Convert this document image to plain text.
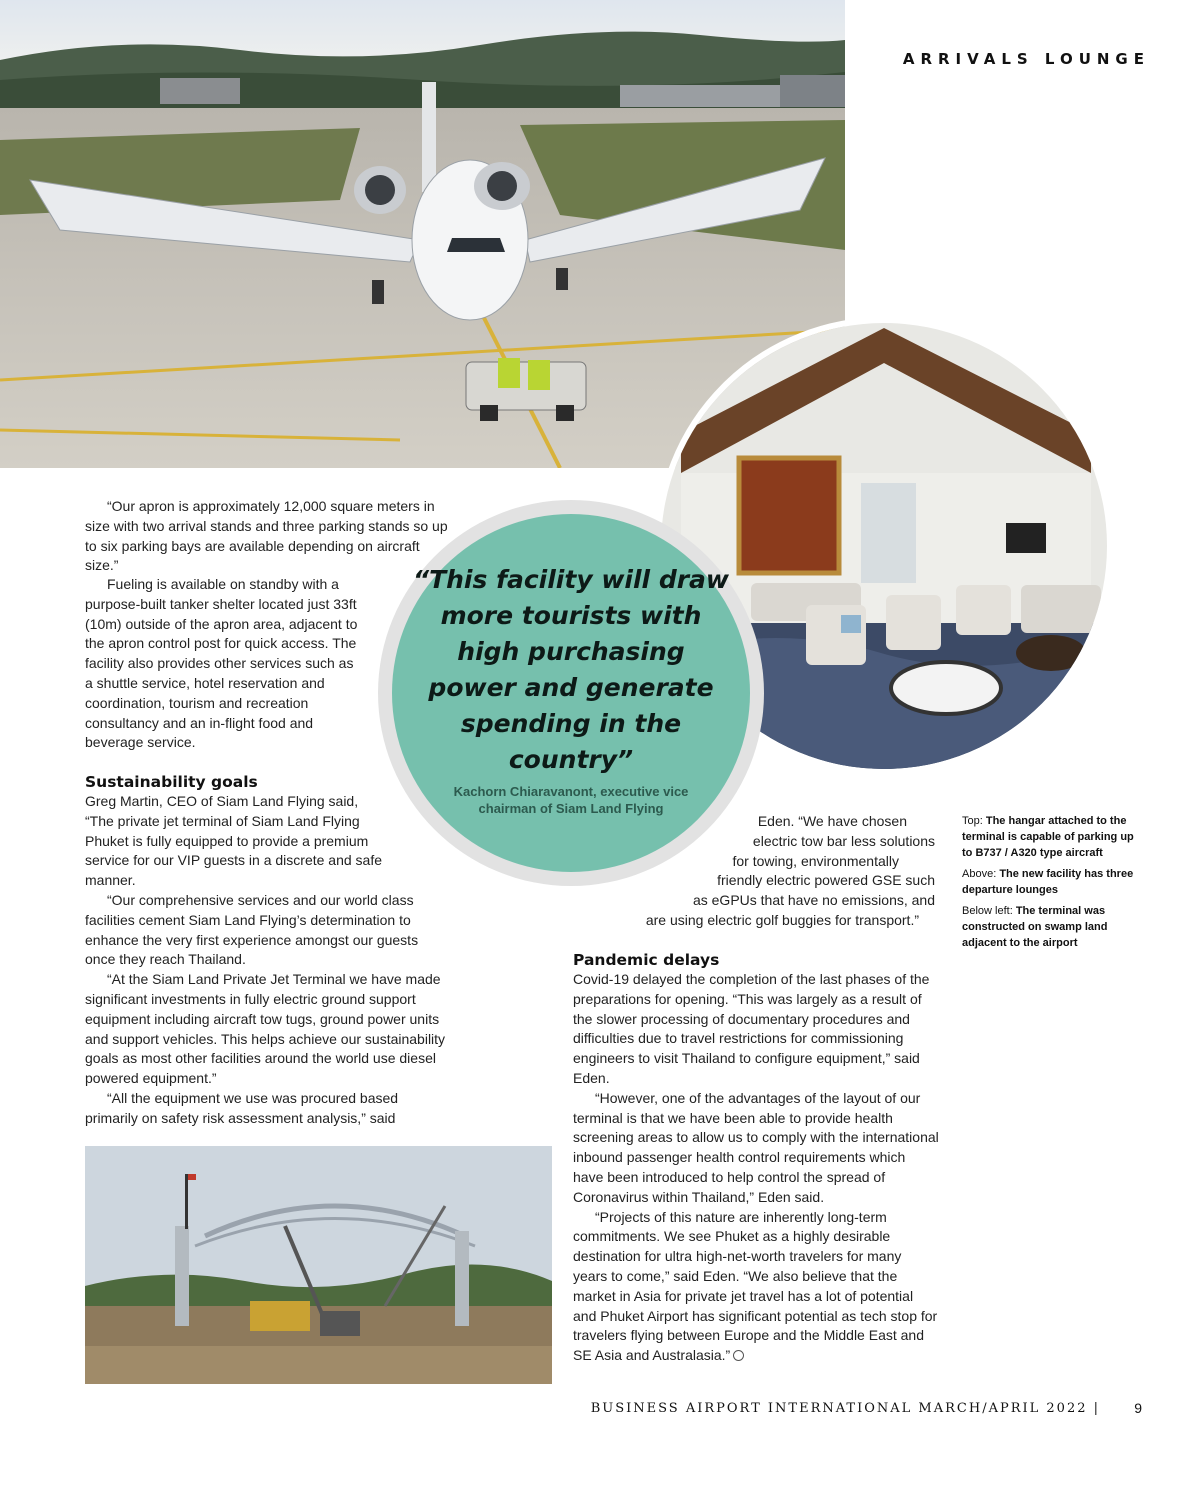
ARRIVALS LOUNGE

“This facility will draw more tourists with high purchasing power and generate spending in the country”

Kachorn Chiaravanont, executive vice chairman of Siam Land Flying

“Our apron is approximately 12,000 square meters in size with two arrival stands and three parking stands so up to six parking bays are available depending on aircraft size.”

Fueling is available on standby with a purpose-built tanker shelter located just 33ft (10m) outside of the apron area, adjacent to the apron control post for quick access. The facility also provides other services such as a shuttle service, hotel reservation and coordination, tourism and recreation consultancy and an in-flight food and beverage service.

Sustainability goals

Greg Martin, CEO of Siam Land Flying said, “The private jet terminal of Siam Land Flying Phuket is fully equipped to provide a premium service for our VIP guests in a discrete and safe manner.

“Our comprehensive services and our world class facilities cement Siam Land Flying’s determination to enhance the very first experience amongst our guests once they reach Thailand.

“At the Siam Land Private Jet Terminal we have made significant investments in fully electric ground support equipment including aircraft tow tugs, ground power units and support vehicles. This helps achieve our sustainability goals as most other facilities around the world use diesel powered equipment.”

“All the equipment we use was procured based primarily on safety risk assessment analysis,” said

Eden. “We have chosen

electric tow bar less solutions

for towing, environmentally

friendly electric powered GSE such

as eGPUs that have no emissions, and

are using electric golf buggies for transport.”

Pandemic delays

Covid-19 delayed the completion of the last phases of the preparations for opening. “This was largely as a result of the slower processing of documentary procedures and difficulties due to travel restrictions for commissioning engineers to visit Thailand to configure equipment,” said Eden.

“However, one of the advantages of the layout of our terminal is that we have been able to provide health screening areas to allow us to comply with the international inbound passenger health control requirements which have been introduced to help control the spread of Coronavirus within Thailand,” Eden said.

“Projects of this nature are inherently long-term commitments. We see Phuket as a highly desirable destination for ultra high-net-worth travelers for many years to come,” said Eden. “We also believe that the market in Asia for private jet travel has a lot of potential and Phuket Airport has significant potential as tech stop for travelers flying between Europe and the Middle East and SE Asia and Australasia.”

Top: The hangar attached to the terminal is capable of parking up to B737 / A320 type aircraft

Above: The new facility has three departure lounges

Below left: The terminal was constructed on swamp land adjacent to the airport

BUSINESS AIRPORT INTERNATIONAL MARCH/APRIL 2022 |	9
